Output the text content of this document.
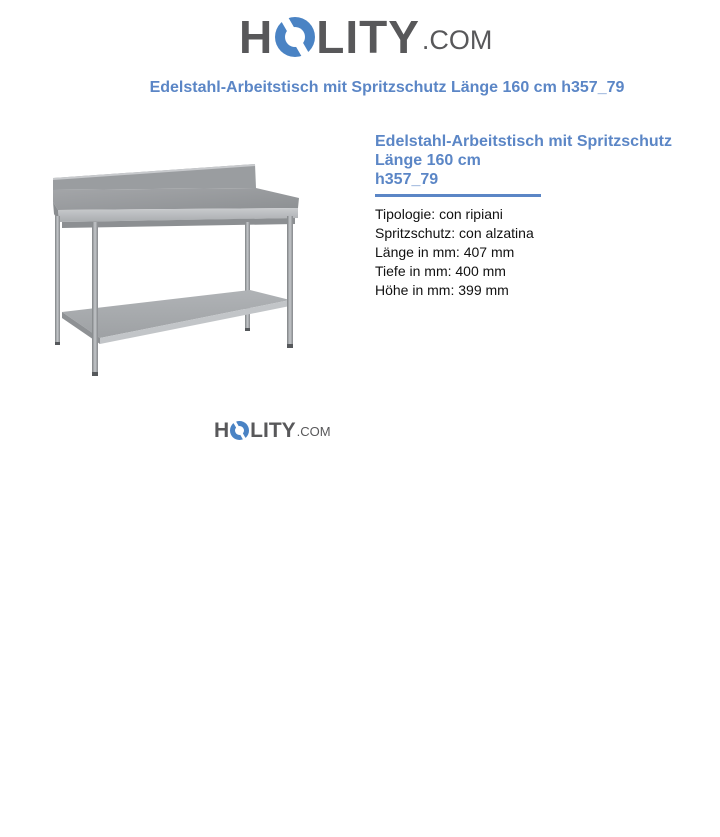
H LITY .COM
Edelstahl-Arbeitstisch mit Spritzschutz Länge 160 cm h357_79
H LITY .COM
Edelstahl-Arbeitstisch mit Spritzschutz
Länge 160 cm
h357_79
Tipologie: con ripiani
Spritzschutz: con alzatina
Länge in mm: 407 mm
Tiefe in mm: 400 mm
Höhe in mm: 399 mm
